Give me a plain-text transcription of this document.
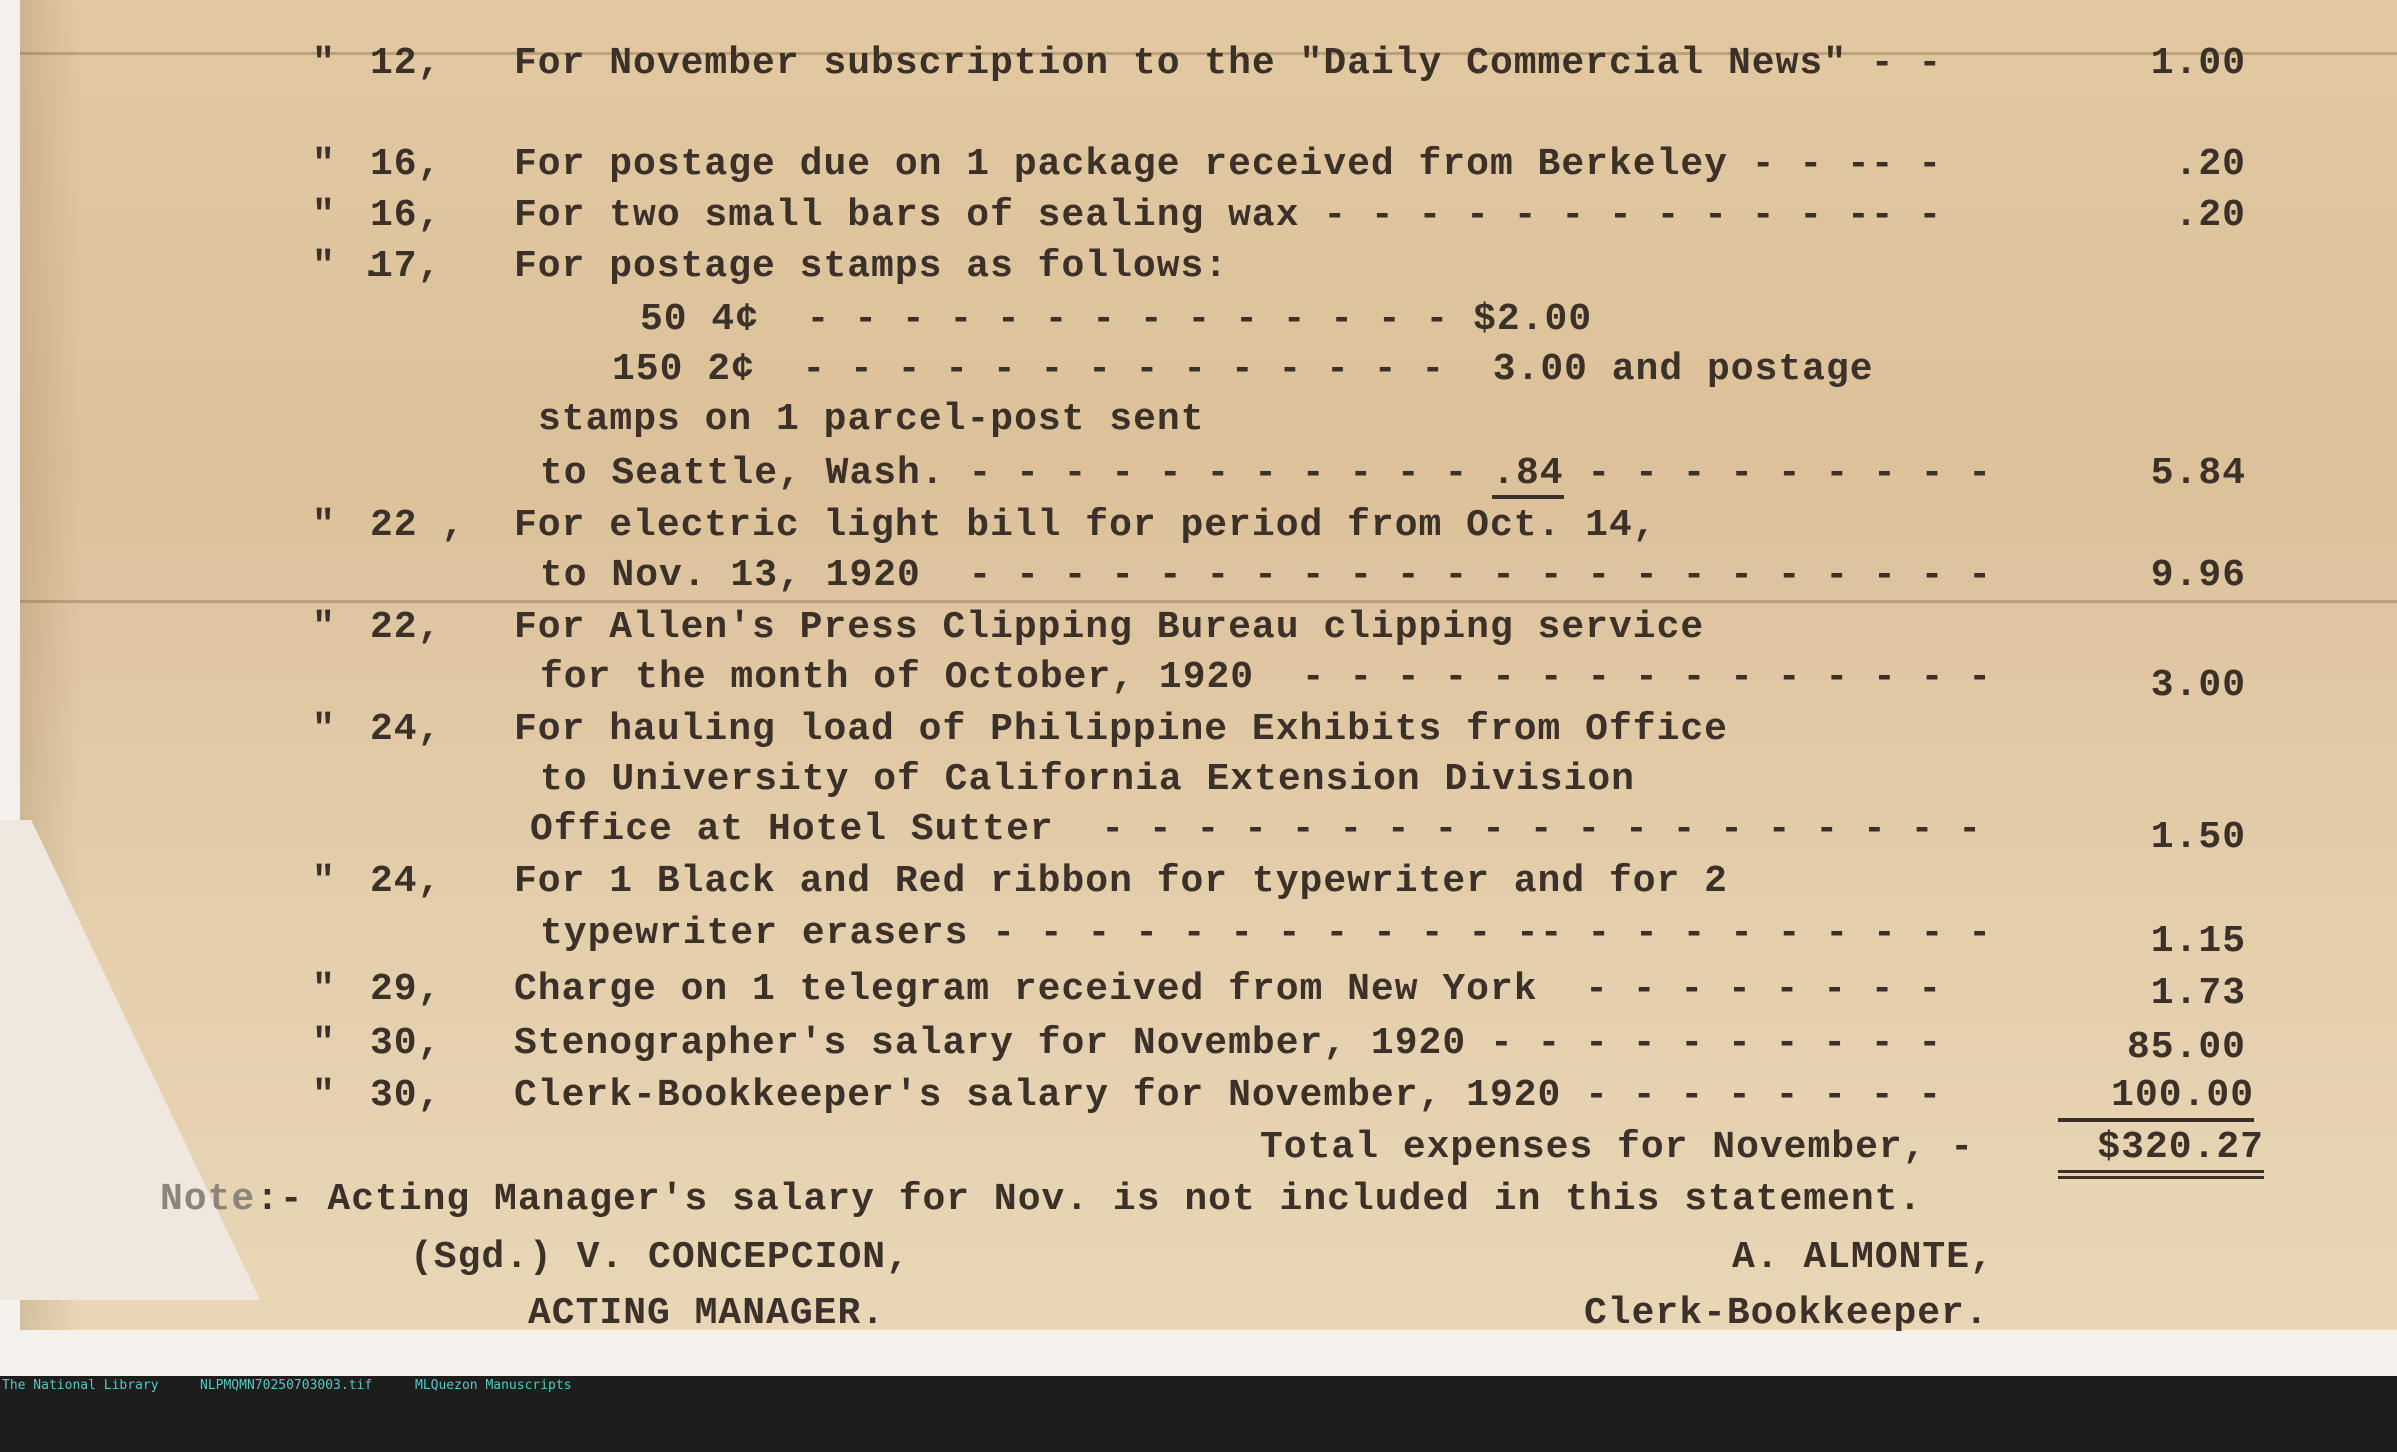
" 12, For November subscription to the "Daily Commercial News" - -	1.00
" 16, For postage due on 1 package received from Berkeley - - -- -	.20
" 16, For two small bars of sealing wax - - - - - - - - - - - -- -	.20
" .
17, For postage stamps as follows:
50 4¢  - - - - - - - - - - - - - - $2.00
150 2¢  - - - - - - - - - - - - - -  3.00 and postage
stamps on 1 parcel-post sent
to Seattle, Wash. - - - - - - - - - - - .84 - - - - - - - - -	5.84
" 22 , For electric light bill for period from Oct. 14,
to Nov. 13, 1920  - - - - - - - - - - - - - - - - - - - - - -	9.96
" 22, For Allen's Press Clipping Bureau clipping service
for the month of October, 1920  - - - - - - - - - - - - - - -	3.00
" 24, For hauling load of Philippine Exhibits from Office
to University of California Extension Division
Office at Hotel Sutter  - - - - - - - - - - - - - - - - - - -	1.50
" 24, For 1 Black and Red ribbon for typewriter and for 2
typewriter erasers - - - - - - - - - - - -- - - - - - - - - -	1.15
" 29, Charge on 1 telegram received from New York  - - - - - - - -	1.73
" 30, Stenographer's salary for November, 1920 - - - - - - - - - -	85.00
" 30, Clerk-Bookkeeper's salary for November, 1920 - - - - - - - -	100.00
Total expenses for November, -	$320.27
Note :- Acting Manager's salary for Nov. is not included in this statement.
(Sgd.) V. CONCEPCION,
ACTING MANAGER.
A. ALMONTE,
Clerk-Bookkeeper.

The National Library

	NLPMQMN70250703003.tif

	MLQuezon Manuscripts
